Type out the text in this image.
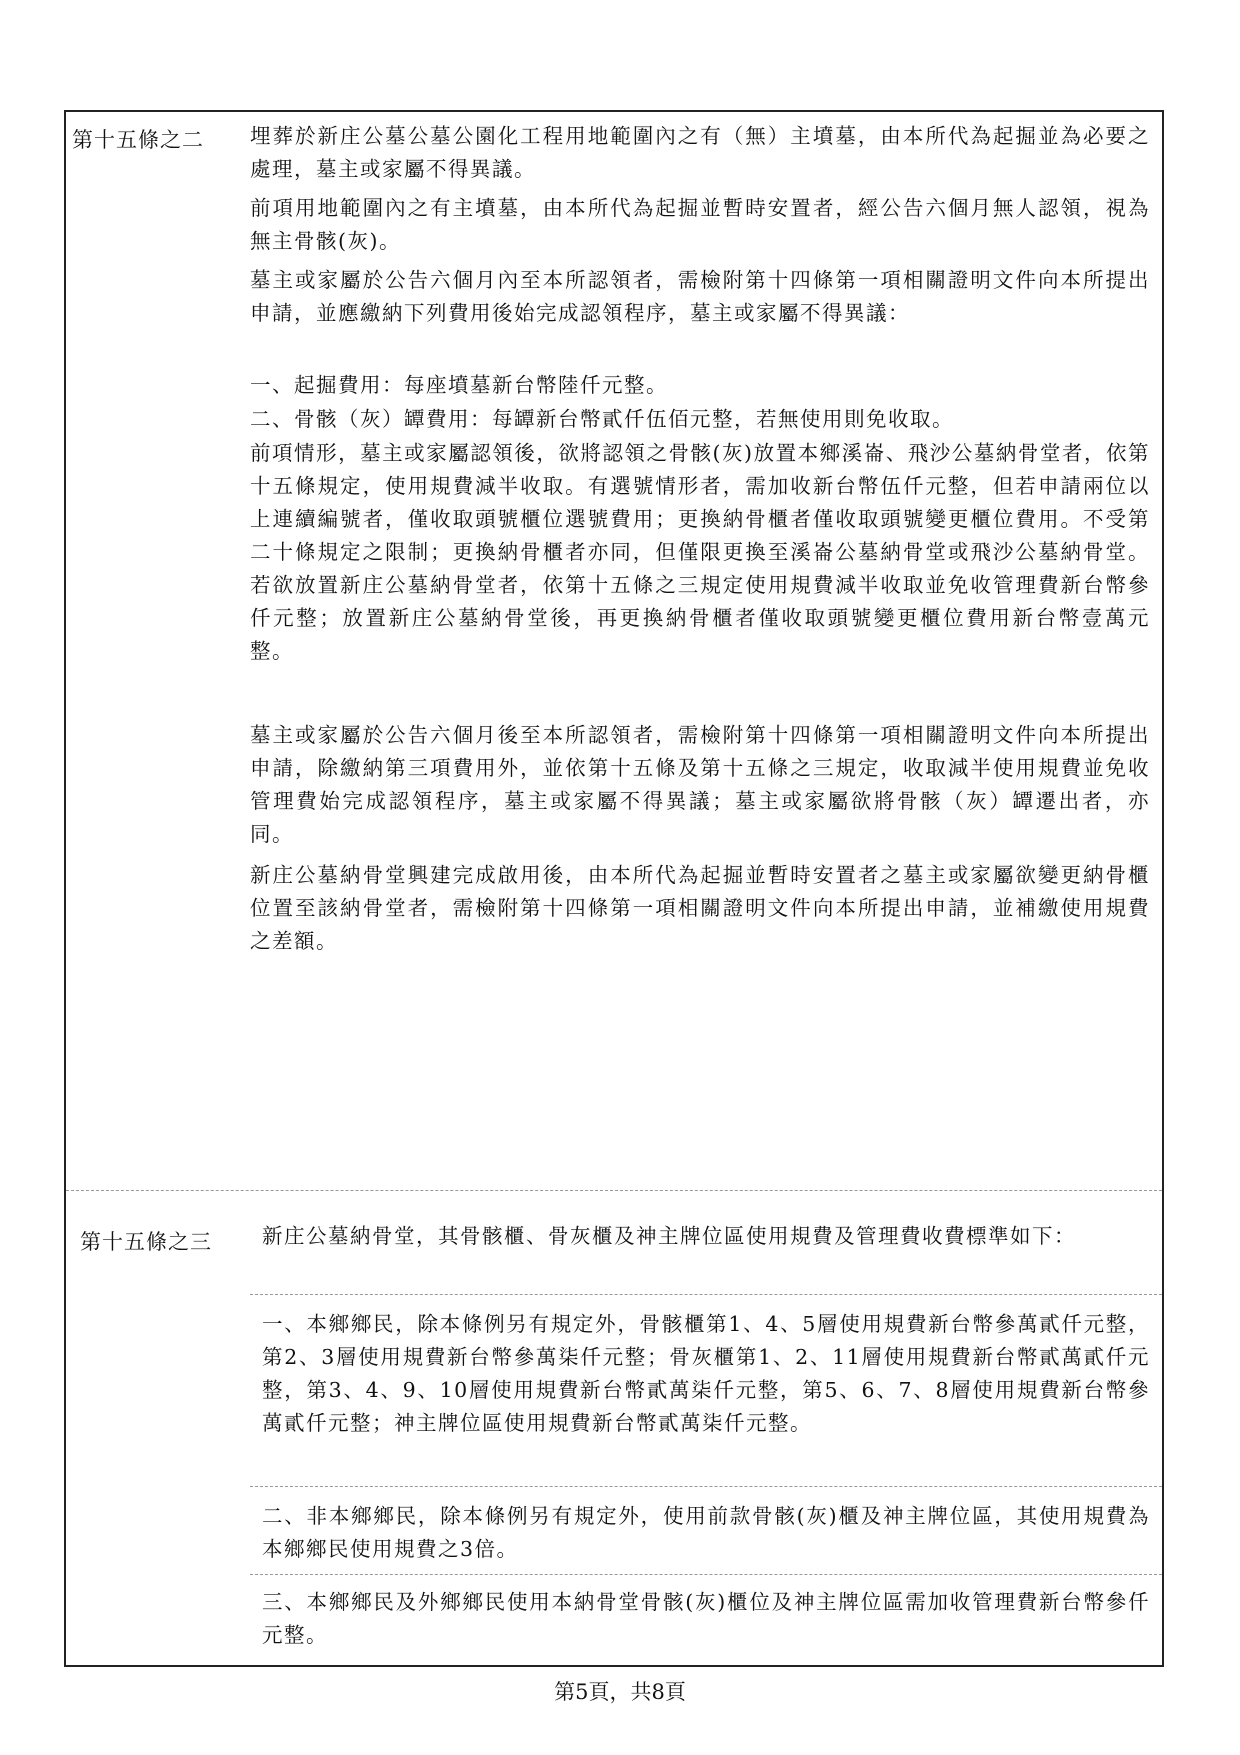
第十五條之二 埋葬於新庄公墓公墓公園化工程用地範圍內之有（無）主墳墓，由本所代為起掘並為必要之處理，墓主或家屬不得異議。
前項用地範圍內之有主墳墓，由本所代為起掘並暫時安置者，經公告六個月無人認領，視為無主骨骸(灰)。
墓主或家屬於公告六個月內至本所認領者，需檢附第十四條第一項相關證明文件向本所提出申請，並應繳納下列費用後始完成認領程序，墓主或家屬不得異議：
一、起掘費用：每座墳墓新台幣陸仟元整。
二、骨骸（灰）罈費用：每罈新台幣貳仟伍佰元整，若無使用則免收取。
前項情形，墓主或家屬認領後，欲將認領之骨骸(灰)放置本鄉溪崙、飛沙公墓納骨堂者，依第十五條規定，使用規費減半收取。有選號情形者，需加收新台幣伍仟元整，但若申請兩位以上連續編號者，僅收取頭號櫃位選號費用；更換納骨櫃者僅收取頭號變更櫃位費用。不受第二十條規定之限制；更換納骨櫃者亦同，但僅限更換至溪崙公墓納骨堂或飛沙公墓納骨堂。若欲放置新庄公墓納骨堂者，依第十五條之三規定使用規費減半收取並免收管理費新台幣參仟元整；放置新庄公墓納骨堂後，再更換納骨櫃者僅收取頭號變更櫃位費用新台幣壹萬元整。
墓主或家屬於公告六個月後至本所認領者，需檢附第十四條第一項相關證明文件向本所提出申請，除繳納第三項費用外，並依第十五條及第十五條之三規定，收取減半使用規費並免收管理費始完成認領程序，墓主或家屬不得異議；墓主或家屬欲將骨骸（灰）罈遷出者，亦同。
新庄公墓納骨堂興建完成啟用後，由本所代為起掘並暫時安置者之墓主或家屬欲變更納骨櫃位置至該納骨堂者，需檢附第十四條第一項相關證明文件向本所提出申請，並補繳使用規費之差額。
第十五條之三 新庄公墓納骨堂，其骨骸櫃、骨灰櫃及神主牌位區使用規費及管理費收費標準如下：
一、本鄉鄉民，除本條例另有規定外，骨骸櫃第1、4、5層使用規費新台幣參萬貳仟元整，第2、3層使用規費新台幣參萬柒仟元整；骨灰櫃第1、2、11層使用規費新台幣貳萬貳仟元整，第3、4、9、10層使用規費新台幣貳萬柒仟元整，第5、6、7、8層使用規費新台幣參萬貳仟元整；神主牌位區使用規費新台幣貳萬柒仟元整。
二、非本鄉鄉民，除本條例另有規定外，使用前款骨骸(灰)櫃及神主牌位區，其使用規費為本鄉鄉民使用規費之3倍。
三、本鄉鄉民及外鄉鄉民使用本納骨堂骨骸(灰)櫃位及神主牌位區需加收管理費新台幣參仟元整。
第5頁，共8頁
